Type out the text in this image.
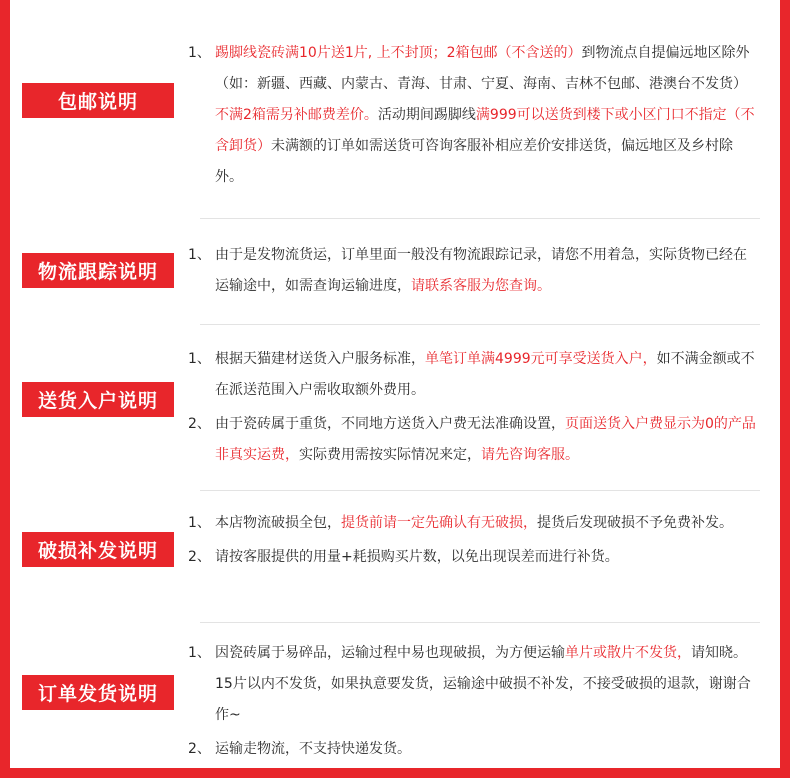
包邮说明
1、 踢脚线瓷砖满10片送1片, 上不封顶；2箱包邮（不含送的）到物流点自提偏远地区除外（如：新疆、西藏、内蒙古、青海、甘肃、宁夏、海南、吉林不包邮、港澳台不发货）不满2箱需另补邮费差价。活动期间踢脚线满999可以送货到楼下或小区门口不指定（不含卸货）未满额的订单如需送货可咨询客服补相应差价安排送货，偏远地区及乡村除外。
物流跟踪说明
1、 由于是发物流货运，订单里面一般没有物流跟踪记录，请您不用着急，实际货物已经在运输途中，如需查询运输进度，请联系客服为您查询。
送货入户说明
1、 根据天猫建材送货入户服务标准，单笔订单满4999元可享受送货入户，如不满金额或不在派送范围入户需收取额外费用。
2、 由于瓷砖属于重货，不同地方送货入户费无法准确设置，页面送货入户费显示为0的产品非真实运费，实际费用需按实际情况来定，请先咨询客服。
破损补发说明
1、 本店物流破损全包，提货前请一定先确认有无破损，提货后发现破损不予免费补发。
2、 请按客服提供的用量+耗损购买片数，以免出现误差而进行补货。
订单发货说明
1、 因瓷砖属于易碎品，运输过程中易也现破损，为方便运输单片或散片不发货，请知晓。15片以内不发货，如果执意要发货，运输途中破损不补发，不接受破损的退款，谢谢合作~
2、 运输走物流，不支持快递发货。
